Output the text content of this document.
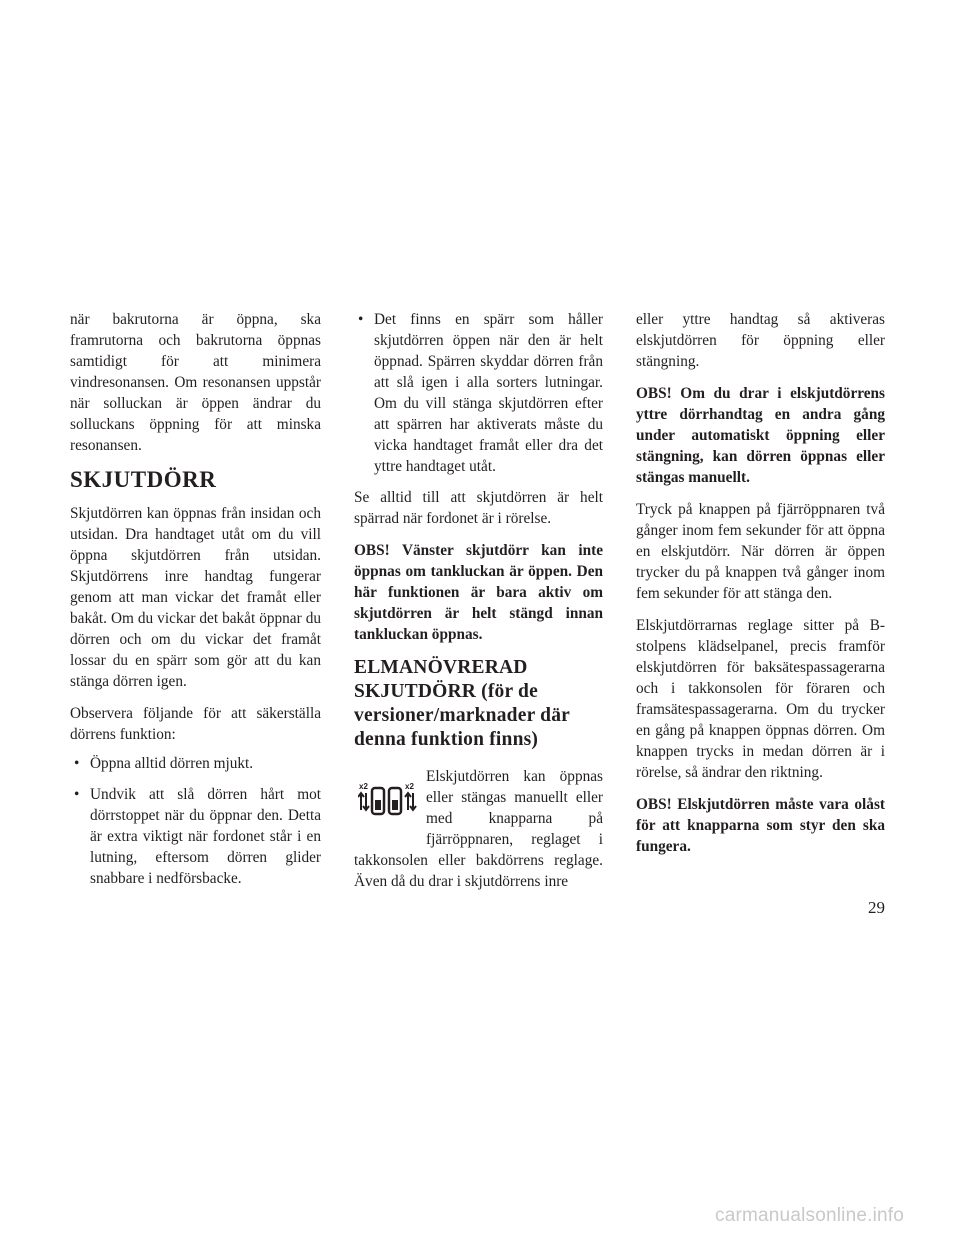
när bakrutorna är öppna, ska framrutorna och bakrutorna öppnas samtidigt för att minimera vindresonansen. Om resonansen uppstår när solluckan är öppen ändrar du solluckans öppning för att minska resonansen.

SKJUTDÖRR

Skjutdörren kan öppnas från insidan och utsidan. Dra handtaget utåt om du vill öppna skjutdörren från utsidan. Skjutdörrens inre handtag fungerar genom att man vickar det framåt eller bakåt. Om du vickar det bakåt öppnar du dörren och om du vickar det framåt lossar du en spärr som gör att du kan stänga dörren igen.

Observera följande för att säkerställa dörrens funktion:

• Öppna alltid dörren mjukt.
• Undvik att slå dörren hårt mot dörrstoppet när du öppnar den. Detta är extra viktigt när fordonet står i en lutning, eftersom dörren glider snabbare i nedförsbacke.
• Det finns en spärr som håller skjutdörren öppen när den är helt öppnad. Spärren skyddar dörren från att slå igen i alla sorters lutningar. Om du vill stänga skjutdörren efter att spärren har aktiverats måste du vicka handtaget framåt eller dra det yttre handtaget utåt.

Se alltid till att skjutdörren är helt spärrad när fordonet är i rörelse.

OBS! Vänster skjutdörr kan inte öppnas om tankluckan är öppen. Den här funktionen är bara aktiv om skjutdörren är helt stängd innan tankluckan öppnas.

ELMANÖVRERAD SKJUTDÖRR (för de versioner/marknader där denna funktion finns)
x2	x2

Elskjutdörren kan öppnas eller stängas manuellt eller med knapparna på fjärröppnaren, reglaget i takkonsolen eller bakdörrens reglage. Även då du drar i skjutdörrens inre

eller yttre handtag så aktiveras elskjutdörren för öppning eller stängning.

OBS! Om du drar i elskjutdörrens yttre dörrhandtag en andra gång under automatiskt öppning eller stängning, kan dörren öppnas eller stängas manuellt.

Tryck på knappen på fjärröppnaren två gånger inom fem sekunder för att öppna en elskjutdörr. När dörren är öppen trycker du på knappen två gånger inom fem sekunder för att stänga den.

Elskjutdörrarnas reglage sitter på B-stolpens klädselpanel, precis framför elskjutdörren för baksätespassagerarna och i takkonsolen för föraren och framsätespassagerarna. Om du trycker en gång på knappen öppnas dörren. Om knappen trycks in medan dörren är i rörelse, så ändrar den riktning.

OBS! Elskjutdörren måste vara olåst för att knapparna som styr den ska fungera.

29
carmanualsonline.info
